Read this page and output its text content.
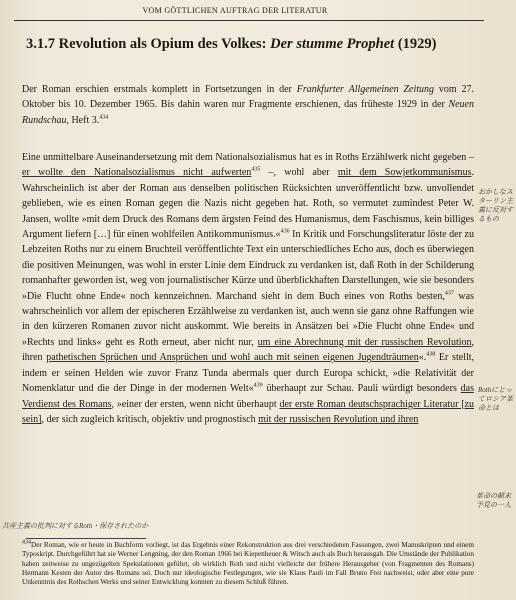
VOM GÖTTLICHEN AUFTRAG DER LITERATUR
3.1.7 Revolution als Opium des Volkes: Der stumme Prophet (1929)

Der Roman erschien erstmals komplett in Fortsetzungen in der Frankfurter Allgemeinen Zeitung vom 27. Oktober bis 10. Dezember 1965. Bis dahin waren nur Fragmente erschienen, das früheste 1929 in der Neuen Rundschau, Heft 3.$^{434}$

Eine unmittelbare Auseinandersetzung mit dem Nationalsozialismus hat es in Roths Erzählwerk nicht gegeben – er wollte den Nationalsozialismus nicht aufwerten$^{435}$ –, wohl aber mit dem Sowjetkommunismus. Wahrscheinlich ist aber der Roman aus denselben politischen Rücksichten unveröffentlicht bzw. unvollendet geblieben, wie es einen Roman gegen die Nazis nicht gegeben hat. Roth, so vermutet zumindest Peter W. Jansen, wollte »mit dem Druck des Romans dem ärgsten Feind des Humanismus, dem Faschismus, kein billiges Argument liefern […] für einen wohlfeilen Antikommunismus.«$^{436}$ In Kritik und Forschungsliteratur löste der zu Lebzeiten Roths nur zu einem Bruchteil veröffentlichte Text ein unterschiedliches Echo aus, doch es überwiegen die positiven Meinungen, was wohl in erster Linie dem Eindruck zu verdanken ist, daß Roth in der Schilderung romanhafter geworden ist, weg von journalistischer Kürze und überblickhaften Darstellungen, wie sie besonders »Die Flucht ohne Ende« noch kennzeichnen. Marchand sieht in dem Buch eines von Roths besten,$^{437}$ was wahrscheinlich vor allem der epischeren Erzählweise zu verdanken ist, auch wenn sie ganz ohne Raffungen wie in den kürzeren Romanen zuvor nicht auskommt. Wie bereits in Ansätzen bei »Die Flucht ohne Ende« und »Rechts und links« geht es Roth erneut, aber nicht nur, um eine Abrechnung mit der russischen Revolution, ihren pathetischen Sprüchen und Ansprüchen und wohl auch mit seinen eigenen Jugendträumen«.$^{438}$ Er stellt, indem er seinen Helden wie zuvor Franz Tunda abermals quer durch Europa schickt, »die Relativität der Nomenklatur und die der Dinge in der modernen Welt«$^{439}$ überhaupt zur Schau. Pauli würdigt besonders das Verdienst des Romans, »einer der ersten, wenn nicht überhaupt der erste Roman deutschsprachiger Literatur [zu sein], der sich zugleich kritisch, objektiv und prognostisch mit der russischen Revolution und ihren

おかしなスターリン主義に反対するもの
Rothにとってロシア革命とは
革命の顛末予見の一人
共産主義の批判に対するRoth・保存されたのか

$^{434}$Der Roman, wie er heute in Buchform vorliegt, ist das Ergebnis einer Rekonstruktion aus drei verschiedenen Fassungen, zwei Manuskripten und einem Typoskript. Durchgeführt hat sie Werner Lengning, der den Roman 1966 bei Kiepenheuer & Witsch auch als Buch herausgab. Die Umstände der Publikation haben zeitweise zu ungezügelten Spekulationen geführt, ob wirklich Roth und nicht vielleicht der frühere Herausgeber (von Fragmenten des Romans) Hermann Kesten der Autor des Romans sei. Doch nur ideologische Festlegungen, wie sie Klaus Pauli im Fall Bruno Frei nachweist, oder aber eine pure Unkenntnis des Rothschen Werks und seiner Entwicklung konnten zu diesem Schluß führen.
